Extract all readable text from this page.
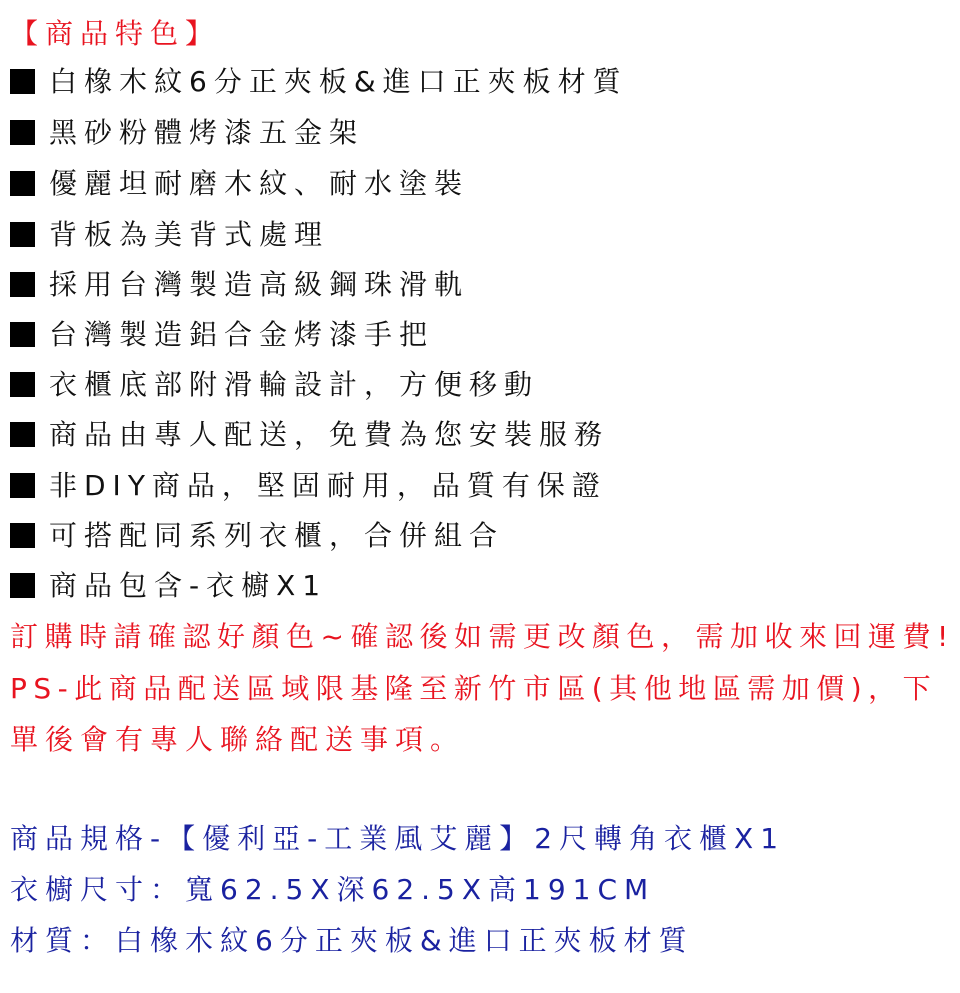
【商品特色】
白橡木紋6分正夾板&進口正夾板材質
黑砂粉體烤漆五金架
優麗坦耐磨木紋、耐水塗裝
背板為美背式處理
採用台灣製造高級鋼珠滑軌
台灣製造鋁合金烤漆手把
衣櫃底部附滑輪設計，方便移動
商品由專人配送，免費為您安裝服務
非DIY商品，堅固耐用，品質有保證
可搭配同系列衣櫃，合併組合
商品包含-衣櫥X1
訂購時請確認好顏色~確認後如需更改顏色，需加收來回運費!
PS-此商品配送區域限基隆至新竹市區(其他地區需加價)，下
單後會有專人聯絡配送事項。
商品規格-【優利亞-工業風艾麗】2尺轉角衣櫃X1
衣櫥尺寸：寬62.5X深62.5X高191CM
材質：白橡木紋6分正夾板&進口正夾板材質
